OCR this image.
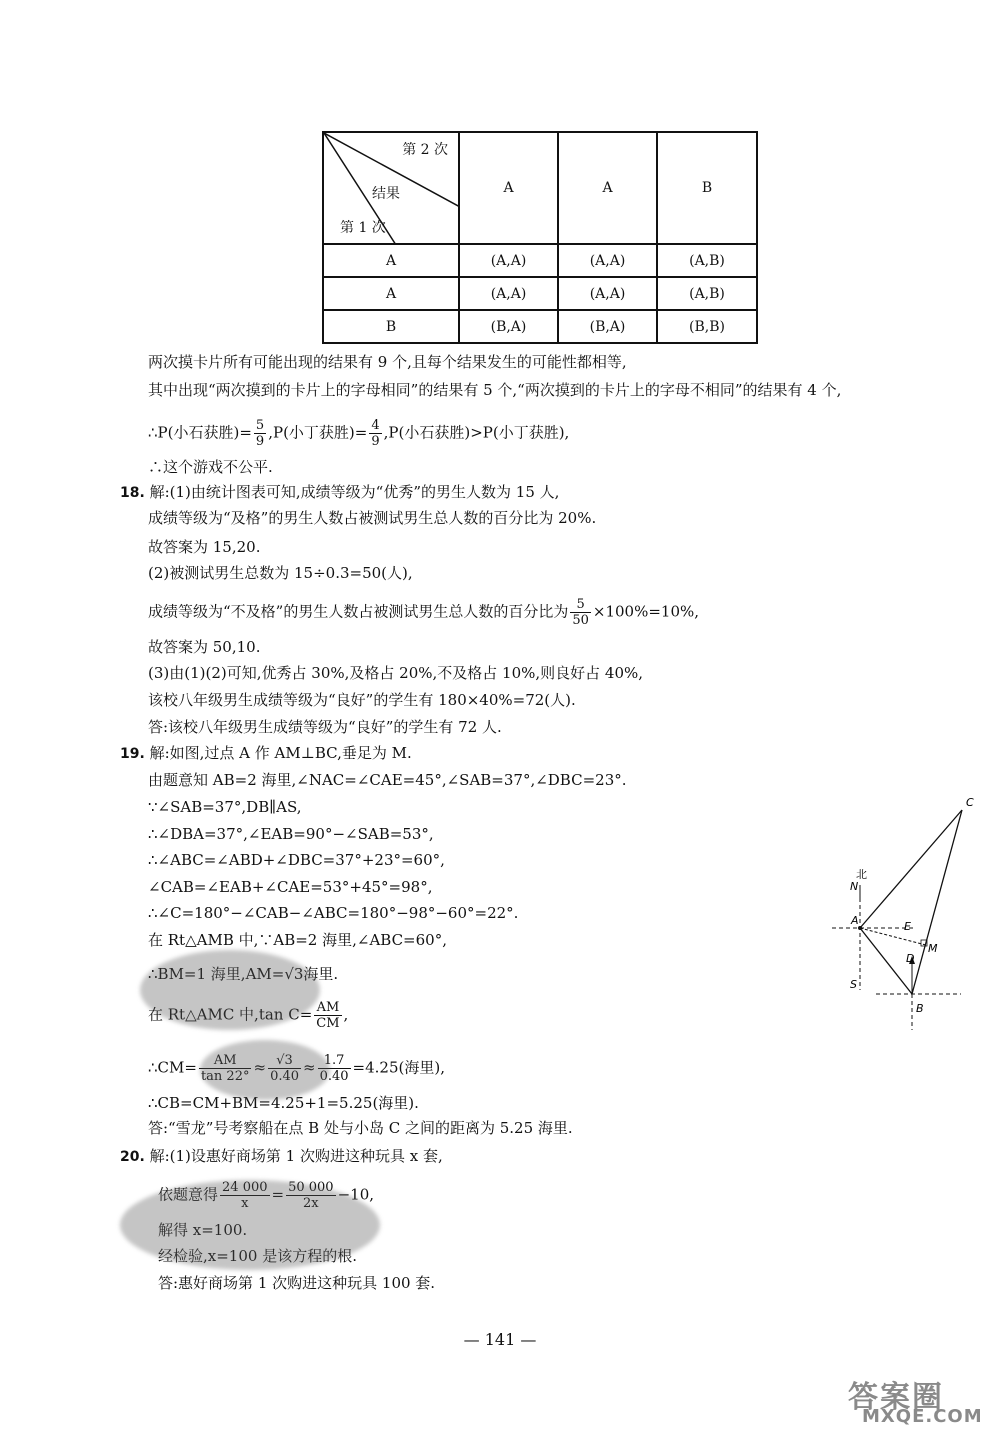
第 2 次
结果
第 1 次	A	A	B
A	(A,A)	(A,A)	(A,B)
A	(A,A)	(A,A)	(A,B)
B	(B,A)	(B,A)	(B,B)
两次摸卡片所有可能出现的结果有 9 个,且每个结果发生的可能性都相等,
其中出现“两次摸到的卡片上的字母相同”的结果有 5 个,“两次摸到的卡片上的字母不相同”的结果有 4 个,
∴P(小石获胜)= $\frac{5}{9} ,P$(小丁获胜)= $\frac{4}{9} ,P$(小石获胜)>P(小丁获胜),
∴这个游戏不公平.
18. 解:(1)由统计图表可知,成绩等级为“优秀”的男生人数为 15 人,
成绩等级为“及格”的男生人数占被测试男生总人数的百分比为 20%.
故答案为 15,20.
(2)被测试男生总数为 15÷0.3=50(人),
成绩等级为“不及格”的男生人数占被测试男生总人数的百分比为 $\frac{5}{50} \times 100\%=10\%$,
故答案为 50,10.
(3)由(1)(2)可知,优秀占 30%,及格占 20%,不及格占 10%,则良好占 40%,
该校八年级男生成绩等级为“良好”的学生有 180×40%=72(人).
答:该校八年级男生成绩等级为“良好”的学生有 72 人.
19. 解:如图,过点 A 作 AM⊥BC,垂足为 M.
由题意知 AB=2 海里,∠NAC=∠CAE=45°,∠SAB=37°,∠DBC=23°.
∵∠SAB=37°,DB∥AS,
∴∠DBA=37°,∠EAB=90°−∠SAB=53°,
∴∠ABC=∠ABD+∠DBC=37°+23°=60°,
∠CAB=∠EAB+∠CAE=53°+45°=98°,
∴∠C=180°−∠CAB−∠ABC=180°−98°−60°=22°.
在 Rt△AMB 中,∵AB=2 海里,∠ABC=60°,
∴BM=1 海里,AM=√3海里.
在 Rt△AMC 中,tan $C= \frac{AM}{CM}$ ,
∴CM= $\frac{AM}{\tan 22^\circ} \approx \frac{√3}{0.40} \approx \frac{1.7}{0.40} =4.25$(海里),
∴CB=CM+BM=4.25+1=5.25(海里).
答:“雪龙”号考察船在点 B 处与小岛 C 之间的距离为 5.25 海里.
C
北
N
A	E
M
D
S
B
20. 解:(1)设惠好商场第 1 次购进这种玩具 x 套,
依题意得 $\frac{24 000}{x} = \frac{50 000}{2x} -10$,
解得 x=100.
经检验,x=100 是该方程的根.
答:惠好商场第 1 次购进这种玩具 100 套.
— 141 —
答案圈
MXQE.COM
